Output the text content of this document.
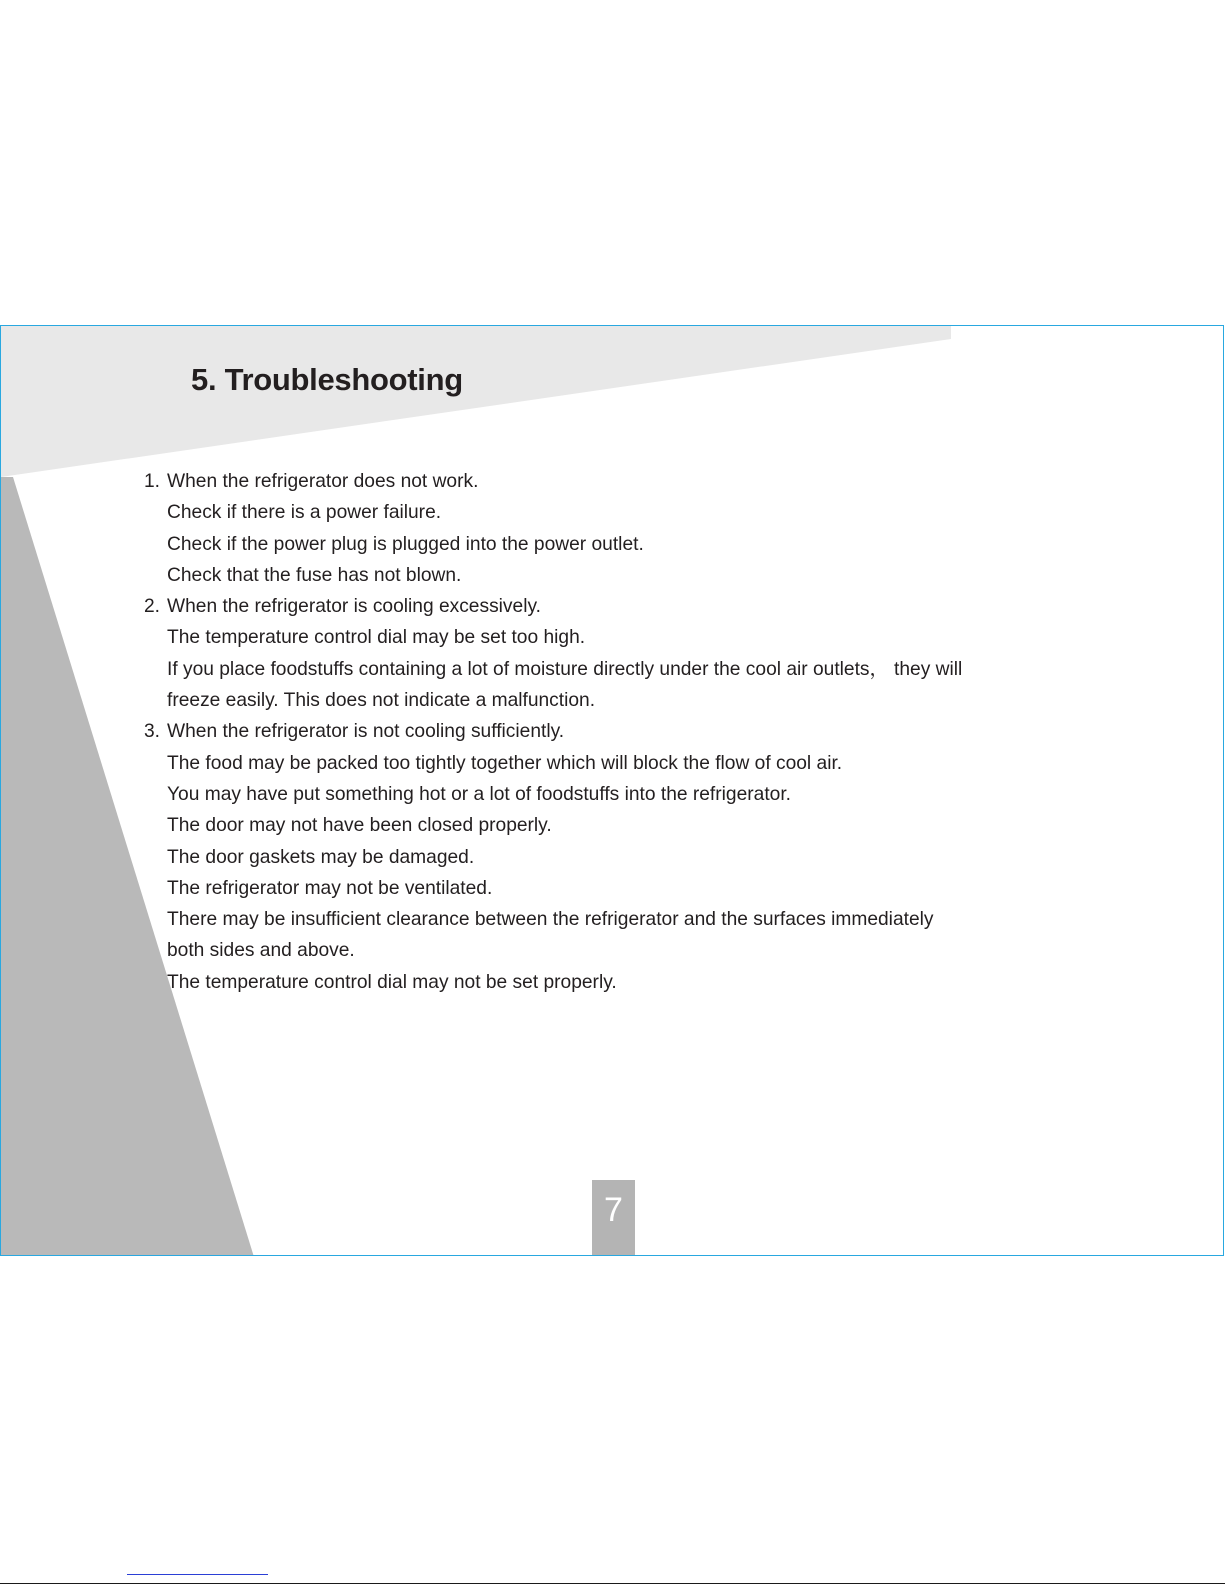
5. Troubleshooting
1. When the refrigerator does not work.
Check if there is a power failure.
Check if the power plug is plugged into the power outlet.
Check that the fuse has not blown.
2. When the refrigerator is cooling excessively.
The temperature control dial may be set too high.
If you place foodstuffs containing a lot of moisture directly under the cool air outlets， they will
freeze easily. This does not indicate a malfunction.
3. When the refrigerator is not cooling sufficiently.
The food may be packed too tightly together which will block the flow of cool air.
You may have put something hot or a lot of foodstuffs into the refrigerator.
The door may not have been closed properly.
The door gaskets may be damaged.
The refrigerator may not be ventilated.
There may be insufficient clearance between the refrigerator and the surfaces immediately
both sides and above.
The temperature control dial may not be set properly.
7
